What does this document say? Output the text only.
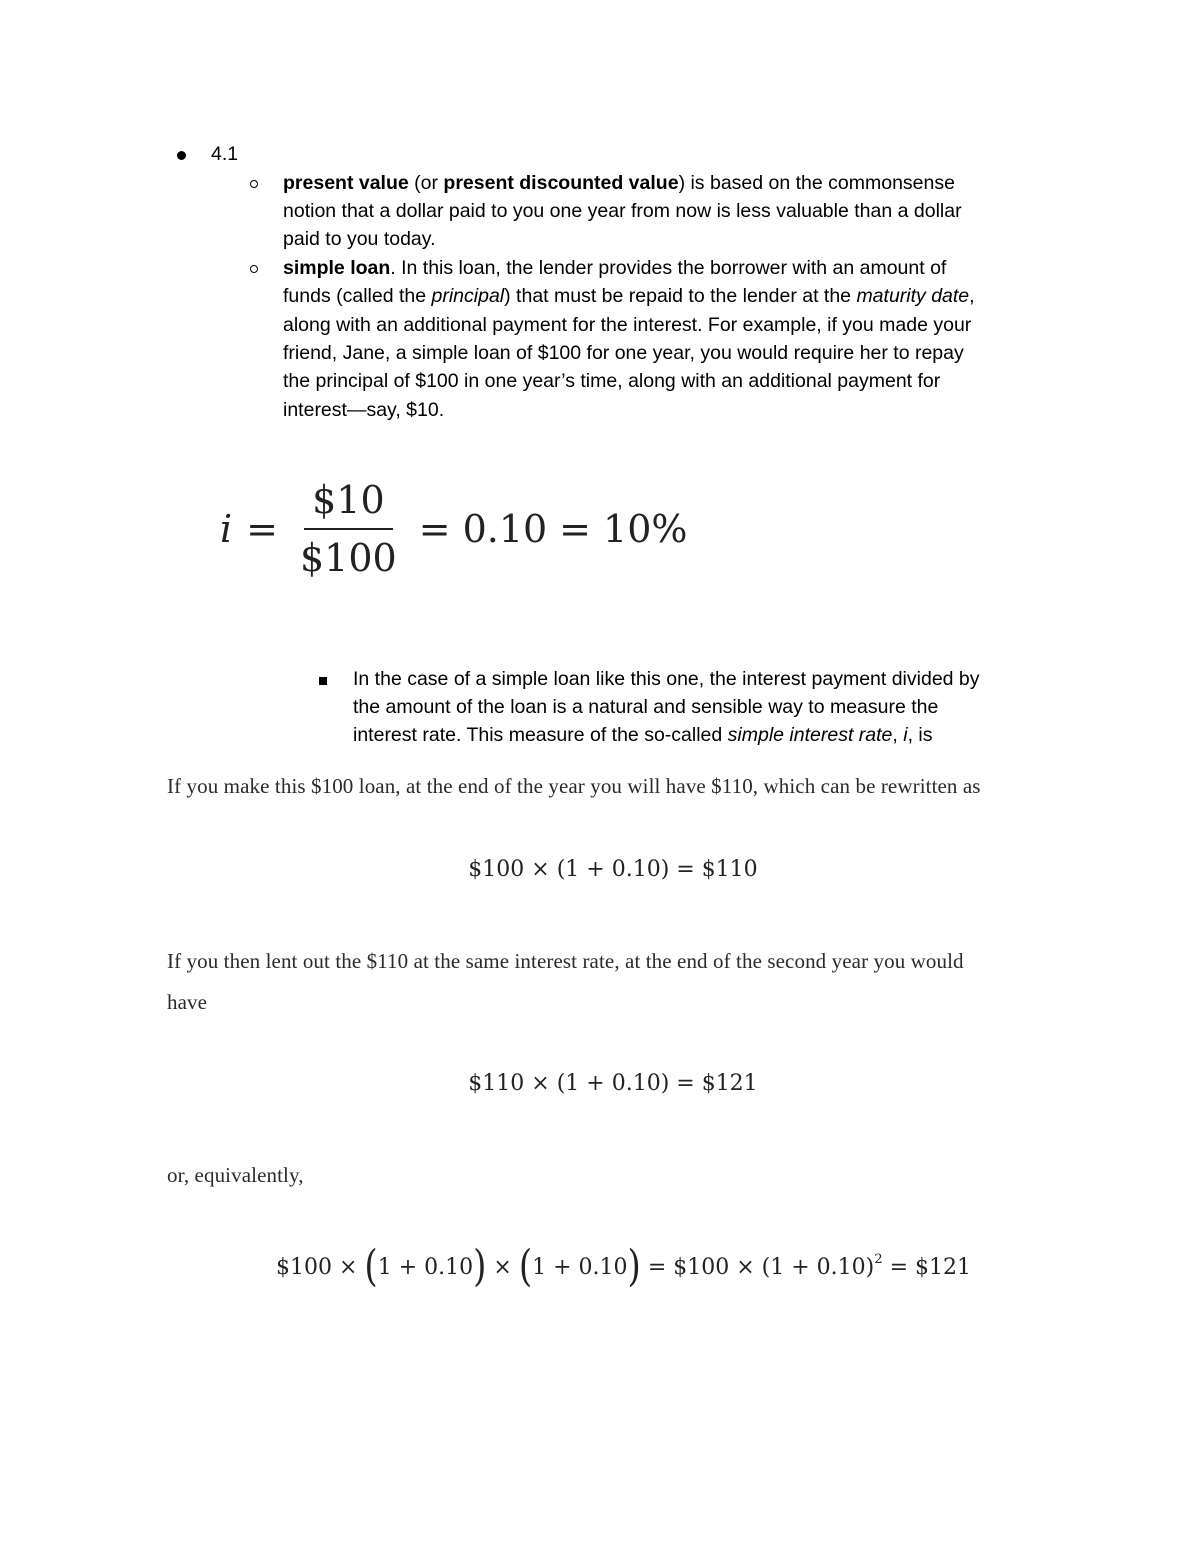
4.1
present value (or present discounted value) is based on the commonsense
notion that a dollar paid to you one year from now is less valuable than a dollar
paid to you today.
simple loan. In this loan, the lender provides the borrower with an amount of
funds (called the principal) that must be repaid to the lender at the maturity date,
along with an additional payment for the interest. For example, if you made your
friend, Jane, a simple loan of $100 for one year, you would require her to repay
the principal of $100 in one year’s time, along with an additional payment for
interest—say, $10.
$i = \frac{\$10}{\$100} = 0.10 = 10\%$
In the case of a simple loan like this one, the interest payment divided by
the amount of the loan is a natural and sensible way to measure the
interest rate. This measure of the so-called simple interest rate, i, is
If you make this $100 loan, at the end of the year you will have $110, which can be rewritten as
$100 × (1 + 0.10) = $110
If you then lent out the $110 at the same interest rate, at the end of the second year you would
have
$110 × (1 + 0.10) = $121
or, equivalently,
$100 × ( 1 + 0.10 ) × ( 1 + 0.10 ) = $100 × $(1 + 0.10)^2$ = $121
